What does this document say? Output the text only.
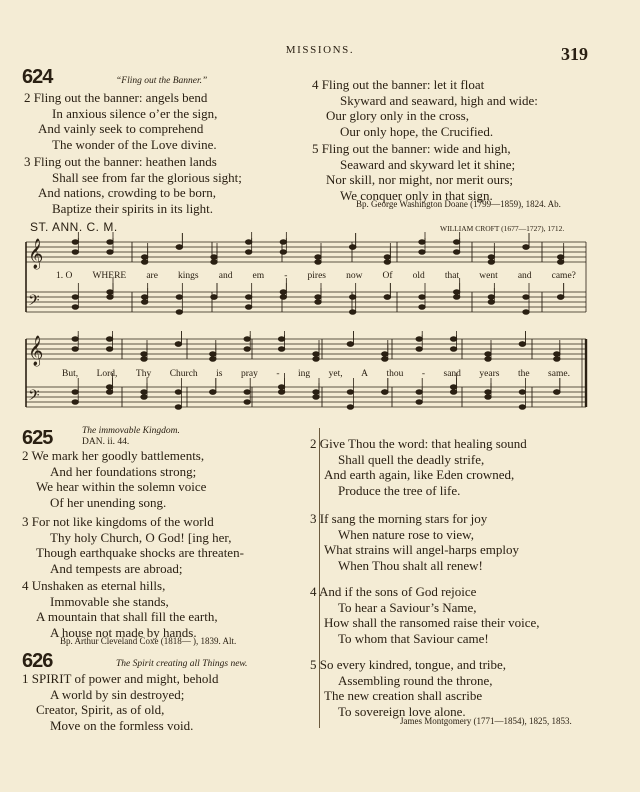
MISSIONS.	319
624	“Fling out the Banner.”
2 Fling out the banner: angels bend
In anxious silence o’er the sign,
And vainly seek to comprehend
The wonder of the Love divine.
3 Fling out the banner: heathen lands
Shall see from far the glorious sight;
And nations, crowding to be born,
Baptize their spirits in its light.
4 Fling out the banner: let it float
Skyward and seaward, high and wide:
Our glory only in the cross,
Our only hope, the Crucified.
5 Fling out the banner: wide and high,
Seaward and skyward let it shine;
Nor skill, nor might, nor merit ours;
We conquer only in that sign.
Bp. George Washington Doane (1799—1859), 1824. Ab.
ST. ANN. C. M.	WILLIAM CROFT (1677—1727), 1712.
𝄞
𝄢
1. O WHERE are kings and em - pires now Of old that went and came?
𝄞
𝄢
But, Lord, Thy Church is pray - ing yet, A thou - sand years the same.
The immovable Kingdom.
625	DAN. ii. 44.
2 We mark her goodly battlements,
And her foundations strong;
We hear within the solemn voice
Of her unending song.
3 For not like kingdoms of the world
Thy holy Church, O God! [ing her,
Though earthquake shocks are threaten-
And tempests are abroad;
4 Unshaken as eternal hills,
Immovable she stands,
A mountain that shall fill the earth,
A house not made by hands.
Bp. Arthur Cleveland Coxe (1818— ), 1839. Alt.
626	The Spirit creating all Things new.
1 SPIRIT of power and might, behold
A world by sin destroyed;
Creator, Spirit, as of old,
Move on the formless void.
2 Give Thou the word: that healing sound
Shall quell the deadly strife,
And earth again, like Eden crowned,
Produce the tree of life.
3 If sang the morning stars for joy
When nature rose to view,
What strains will angel-harps employ
When Thou shalt all renew!
4 And if the sons of God rejoice
To hear a Saviour’s Name,
How shall the ransomed raise their voice,
To whom that Saviour came!
5 So every kindred, tongue, and tribe,
Assembling round the throne,
The new creation shall ascribe
To sovereign love alone.
James Montgomery (1771—1854), 1825, 1853.
